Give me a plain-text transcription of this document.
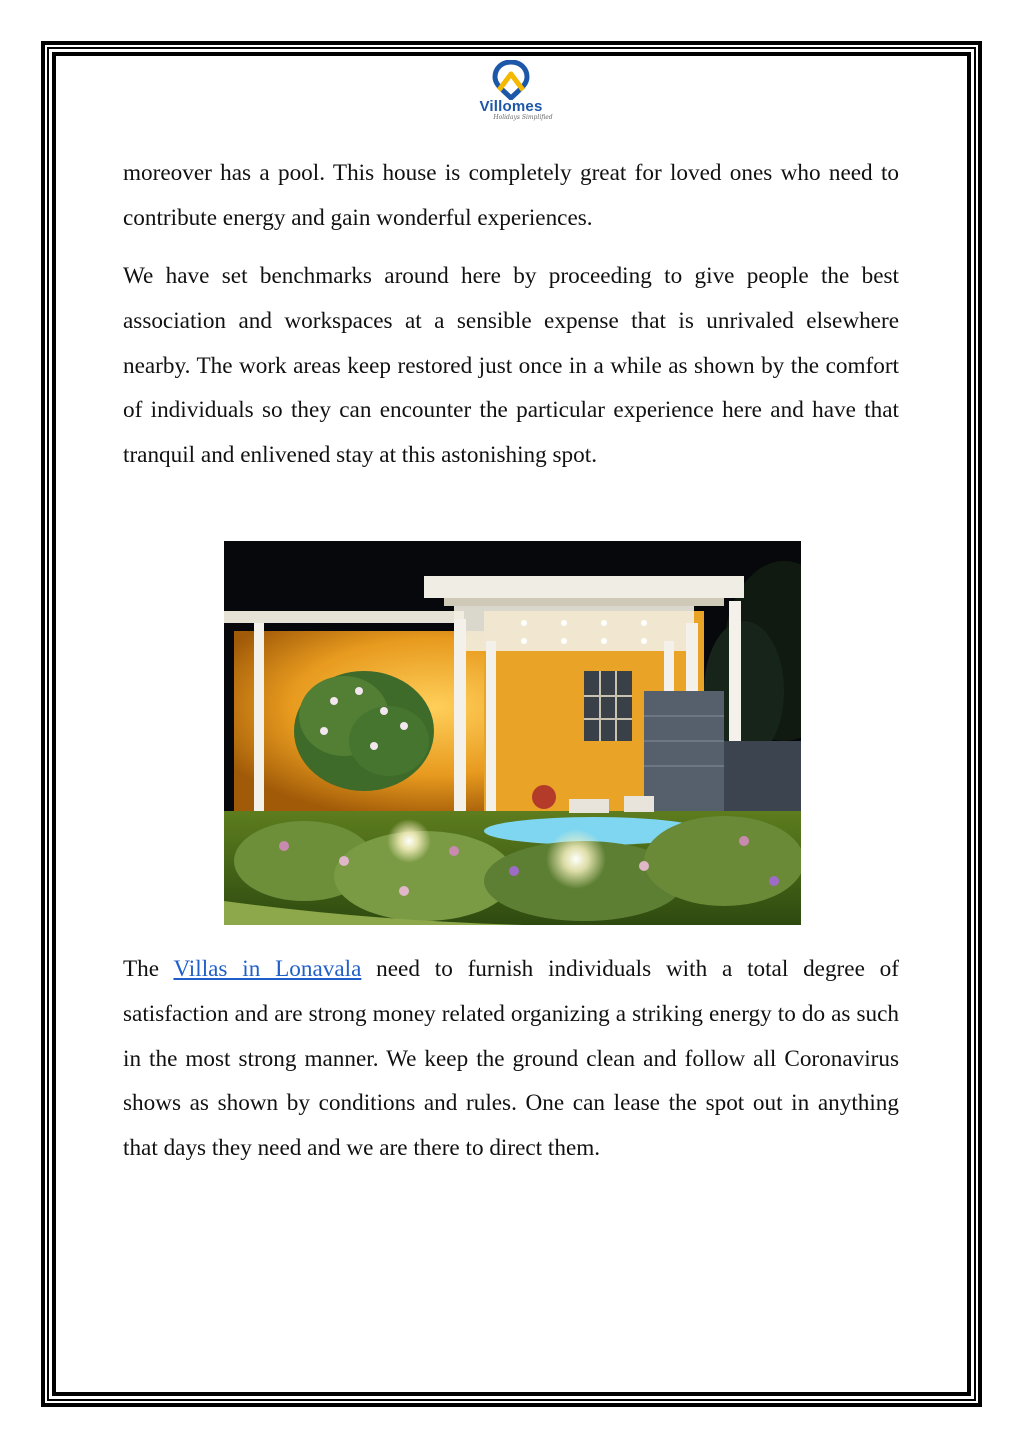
Villomes
Holidays Simplified

moreover has a pool. This house is completely great for loved ones who need to contribute energy and gain wonderful experiences.

We have set benchmarks around here by proceeding to give people the best association and workspaces at a sensible expense that is unrivaled elsewhere nearby. The work areas keep restored just once in a while as shown by the comfort of individuals so they can encounter the particular experience here and have that tranquil and enlivened stay at this astonishing spot.

The Villas in Lonavala need to furnish individuals with a total degree of satisfaction and are strong money related organizing a striking energy to do as such in the most strong manner. We keep the ground clean and follow all Coronavirus shows as shown by conditions and rules. One can lease the spot out in anything that days they need and we are there to direct them.
